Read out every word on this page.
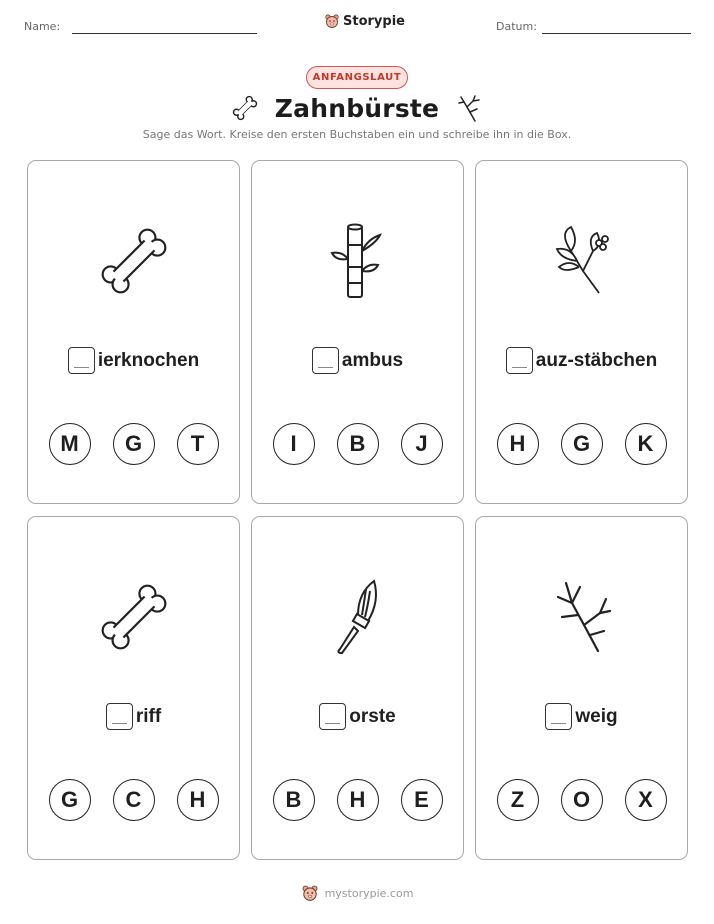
Name:	Storypie	Datum:
ANFANGSLAUT
Zahnbürste
Sage das Wort. Kreise den ersten Buchstaben ein und schreibe ihn in die Box.
ierknochen
M	G	T
ambus
I	B	J
auz-stäbchen
H	G	K
riff
G	C	H
orste
B	H	E
weig
Z	O	X
mystorypie.com
